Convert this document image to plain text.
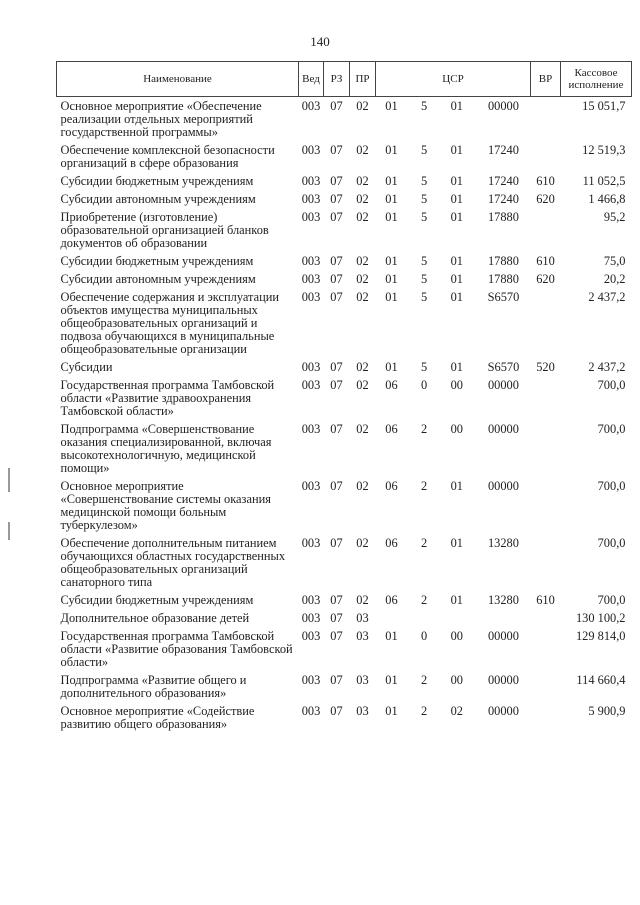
140
Наименование	Вед	РЗ	ПР	ЦСР	ВР	Кассовое исполнение
Основное мероприятие «Обеспечение реализации отдельных мероприятий государственной программы»	003	07	02	01 5 01 00000		15 051,7
Обеспечение комплексной безопасности организаций в сфере образования	003	07	02	01 5 01 17240		12 519,3
Субсидии бюджетным учреждениям	003	07	02	01 5 01 17240	610	11 052,5
Субсидии автономным учреждениям	003	07	02	01 5 01 17240	620	1 466,8
Приобретение (изготовление) образовательной организацией бланков документов об образовании	003	07	02	01 5 01 17880		95,2
Субсидии бюджетным учреждениям	003	07	02	01 5 01 17880	610	75,0
Субсидии автономным учреждениям	003	07	02	01 5 01 17880	620	20,2
Обеспечение содержания и эксплуатации объектов имущества муниципальных общеобразовательных организаций и подвоза обучающихся в муниципальные общеобразовательные организации	003	07	02	01 5 01 S6570		2 437,2
Субсидии	003	07	02	01 5 01 S6570	520	2 437,2
Государственная программа Тамбовской области «Развитие здравоохранения Тамбовской области»	003	07	02	06 0 00 00000		700,0
Подпрограмма «Совершенствование оказания специализированной, включая высокотехнологичную, медицинской помощи»	003	07	02	06 2 00 00000		700,0
Основное мероприятие «Совершенствование системы оказания медицинской помощи больным туберкулезом»	003	07	02	06 2 01 00000		700,0
Обеспечение дополнительным питанием обучающихся областных государственных общеобразовательных организаций санаторного типа	003	07	02	06 2 01 13280		700,0
Субсидии бюджетным учреждениям	003	07	02	06 2 01 13280	610	700,0
Дополнительное образование детей	003	07	03			130 100,2
Государственная программа Тамбовской области «Развитие образования Тамбовской области»	003	07	03	01 0 00 00000		129 814,0
Подпрограмма «Развитие общего и дополнительного образования»	003	07	03	01 2 00 00000		114 660,4
Основное мероприятие «Содействие развитию общего образования»	003	07	03	01 2 02 00000		5 900,9
